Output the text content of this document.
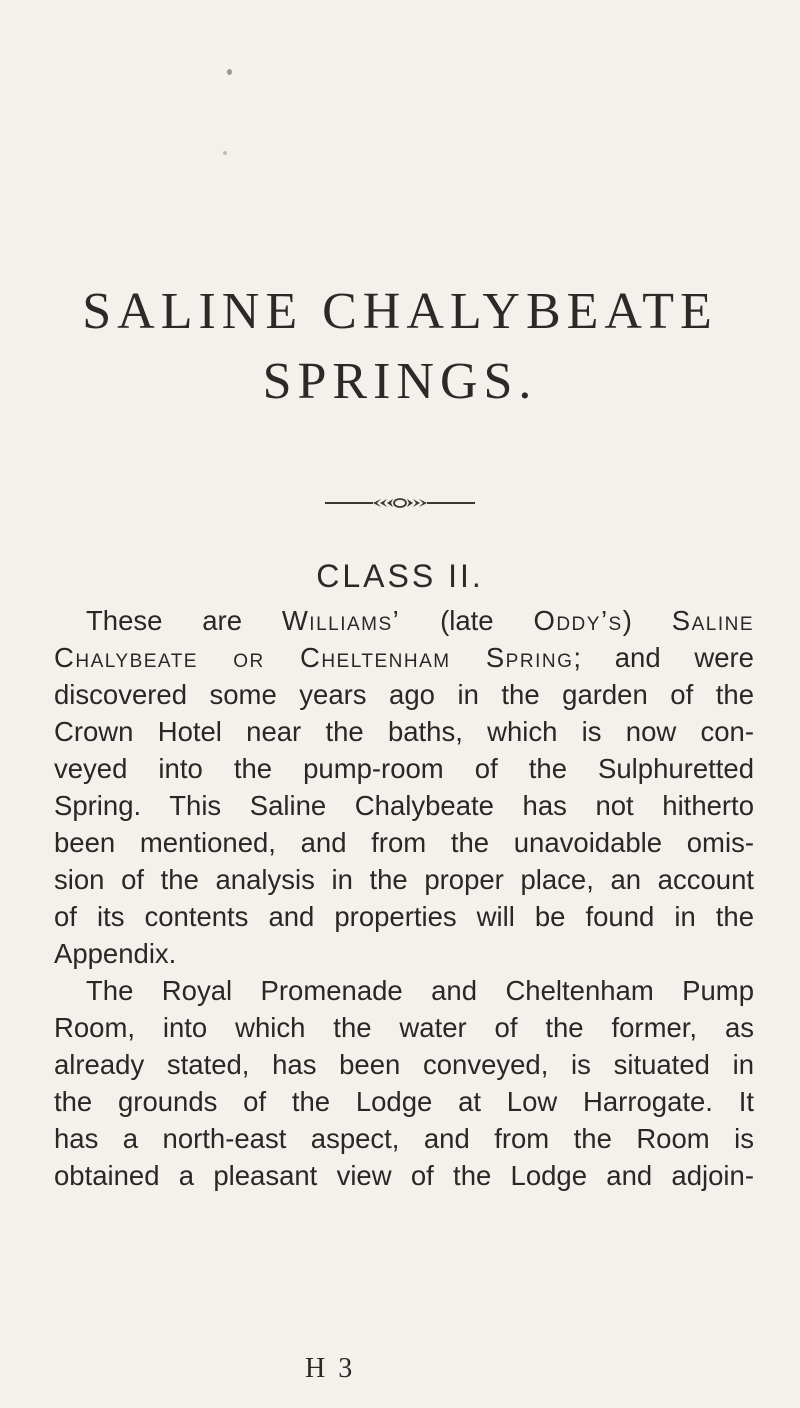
SALINE CHALYBEATE
SPRINGS.
CLASS II.
These are Williams’ (late Oddy’s) Saline
Chalybeate or Cheltenham Spring; and were
discovered some years ago in the garden of the
Crown Hotel near the baths, which is now con-
veyed into the pump-room of the Sulphuretted
Spring. This Saline Chalybeate has not hitherto
been mentioned, and from the unavoidable omis-
sion of the analysis in the proper place, an account
of its contents and properties will be found in the
Appendix.
The Royal Promenade and Cheltenham Pump
Room, into which the water of the former, as
already stated, has been conveyed, is situated in
the grounds of the Lodge at Low Harrogate. It
has a north-east aspect, and from the Room is
obtained a pleasant view of the Lodge and adjoin-
H 3
